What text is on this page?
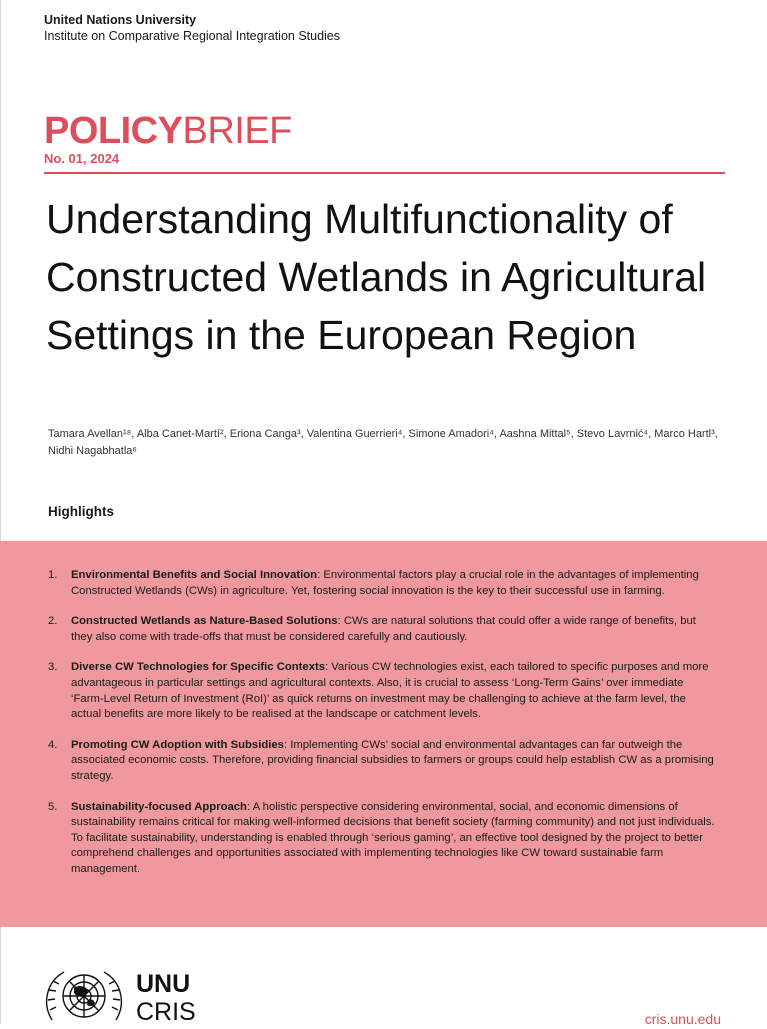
United Nations University
Institute on Comparative Regional Integration Studies
POLICYBRIEF
No. 01, 2024
Understanding Multifunctionality of Constructed Wetlands in Agricultural Settings in the European Region
Tamara Avellan¹⁸, Alba Canet-Martí², Eriona Canga³, Valentina Guerrieri⁴, Simone Amadori⁴, Aashna Mittal⁵, Stevo Lavrnić⁴, Marco Hartl³, Nidhi Nagabhatla⁶
Highlights
1. Environmental Benefits and Social Innovation: Environmental factors play a crucial role in the advantages of implementing Constructed Wetlands (CWs) in agriculture. Yet, fostering social innovation is the key to their successful use in farming.
2. Constructed Wetlands as Nature-Based Solutions: CWs are natural solutions that could offer a wide range of benefits, but they also come with trade-offs that must be considered carefully and cautiously.
3. Diverse CW Technologies for Specific Contexts: Various CW technologies exist, each tailored to specific purposes and more advantageous in particular settings and agricultural contexts. Also, it is crucial to assess ‘Long-Term Gains’ over immediate ‘Farm-Level Return of Investment (RoI)’ as quick returns on investment may be challenging to achieve at the farm level, the actual benefits are more likely to be realised at the landscape or catchment levels.
4. Promoting CW Adoption with Subsidies: Implementing CWs’ social and environmental advantages can far outweigh the associated economic costs. Therefore, providing financial subsidies to farmers or groups could help establish CW as a promising strategy.
5. Sustainability-focused Approach: A holistic perspective considering environmental, social, and economic dimensions of sustainability remains critical for making well-informed decisions that benefit society (farming community) and not just individuals. To facilitate sustainability, understanding is enabled through ‘serious gaming’, an effective tool designed by the project to better comprehend challenges and opportunities associated with implementing technologies like CW toward sustainable farm management.
UNU
CRIS	cris.unu.edu
